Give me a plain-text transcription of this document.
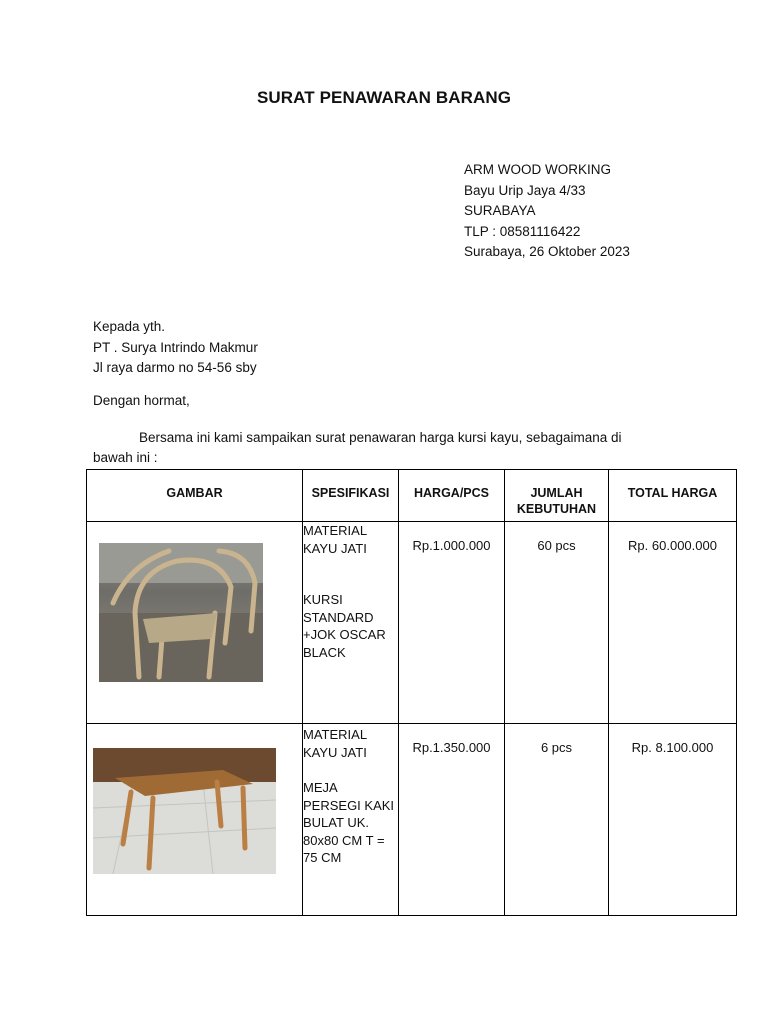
SURAT PENAWARAN BARANG
ARM WOOD WORKING
Bayu Urip Jaya 4/33
SURABAYA
TLP : 08581116422
Surabaya, 26 Oktober 2023
Kepada yth.
PT . Surya Intrindo Makmur
Jl raya darmo no 54-56 sby
Dengan hormat,
Bersama ini kami sampaikan surat penawaran harga kursi kayu, sebagaimana di
bawah ini :
GAMBAR	SPESIFIKASI	HARGA/PCS	JUMLAH KEBUTUHAN	TOTAL HARGA

MATERIAL KAYU JATI
KURSI STANDARD +JOK OSCAR BLACK	Rp.1.000.000	60 pcs	Rp. 60.000.000

MATERIAL KAYU JATI
MEJA PERSEGI KAKI BULAT UK. 80x80 CM T = 75 CM	Rp.1.350.000	6 pcs	Rp. 8.100.000
